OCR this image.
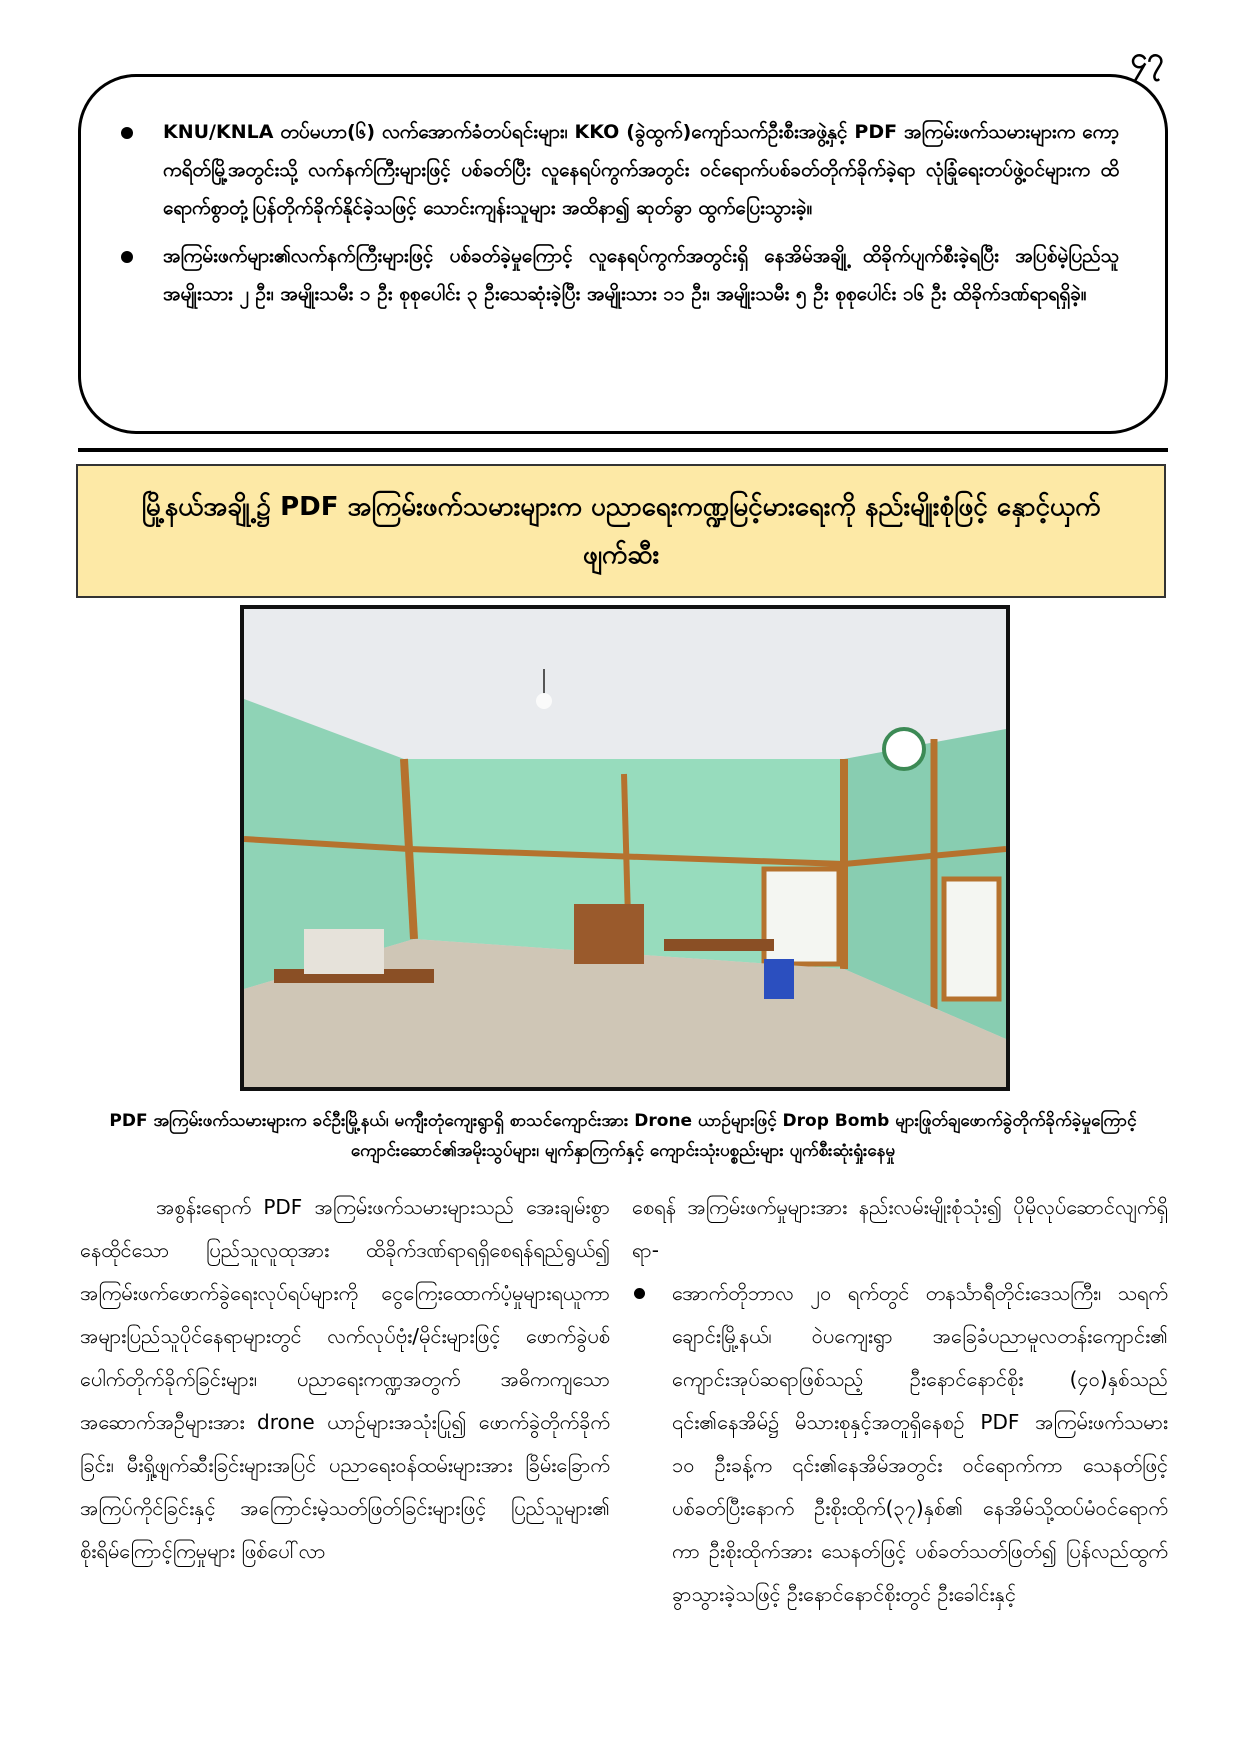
၄၇
KNU/KNLA တပ်မဟာ(၆) လက်အောက်ခံတပ်ရင်းများ၊ KKO (ခွဲထွက်)ကျော်သက်ဦးစီးအဖွဲ့နှင့် PDF အကြမ်းဖက်သမားများက ကော့ကရိတ်မြို့အတွင်းသို့ လက်နက်ကြီးများဖြင့် ပစ်ခတ်ပြီး လူနေရပ်ကွက်အတွင်း ဝင်ရောက်ပစ်ခတ်တိုက်ခိုက်ခဲ့ရာ လုံခြုံရေးတပ်ဖွဲ့ဝင်များက ထိရောက်စွာတုံ့ပြန်တိုက်ခိုက်နိုင်ခဲ့သဖြင့် သောင်းကျန်းသူများ အထိနာ၍ ဆုတ်ခွာ ထွက်ပြေးသွားခဲ့။
အကြမ်းဖက်များ၏လက်နက်ကြီးများဖြင့် ပစ်ခတ်ခဲ့မှုကြောင့် လူနေရပ်ကွက်အတွင်းရှိ နေအိမ်အချို့ ထိခိုက်ပျက်စီးခဲ့ရပြီး အပြစ်မဲ့ပြည်သူအမျိုးသား ၂ ဦး၊ အမျိုးသမီး ၁ ဦး စုစုပေါင်း ၃ ဦးသေဆုံးခဲ့ပြီး အမျိုးသား ၁၁ ဦး၊ အမျိုးသမီး ၅ ဦး စုစုပေါင်း ၁၆ ဦး ထိခိုက်ဒဏ်ရာရရှိခဲ့။
မြို့နယ်အချို့၌ PDF အကြမ်းဖက်သမားများက ပညာရေးကဏ္ဍမြင့်မားရေးကို နည်းမျိုးစုံဖြင့် နှောင့်ယှက်ဖျက်ဆီး
PDF အကြမ်းဖက်သမားများက ခင်ဦးမြို့နယ်၊ မကျီးတုံကျေးရွာရှိ စာသင်ကျောင်းအား Drone ယာဉ်များဖြင့် Drop Bomb များဖြုတ်ချဖောက်ခွဲတိုက်ခိုက်ခဲ့မှုကြောင့် ကျောင်းဆောင်၏အမိုးသွပ်များ၊ မျက်နှာကြက်နှင့် ကျောင်းသုံးပစ္စည်းများ ပျက်စီးဆုံးရှုံးနေမှု

အစွန်းရောက် PDF အကြမ်းဖက်သမားများသည် အေးချမ်းစွာနေထိုင်သော ပြည်သူလူထုအား ထိခိုက်ဒဏ်ရာရရှိစေရန်ရည်ရွယ်၍ အကြမ်းဖက်ဖောက်ခွဲရေးလုပ်ရပ်များကို ငွေကြေးထောက်ပံ့မှုများရယူကာ အများပြည်သူပိုင်နေရာများတွင် လက်လုပ်ဗုံး/မိုင်းများဖြင့် ဖောက်ခွဲပစ်ပေါက်တိုက်ခိုက်ခြင်းများ၊ ပညာရေးကဏ္ဍအတွက် အဓိကကျသော အဆောက်အဦများအား drone ယာဉ်များအသုံးပြု၍ ဖောက်ခွဲတိုက်ခိုက်ခြင်း၊ မီးရှို့ဖျက်ဆီးခြင်းများအပြင် ပညာရေးဝန်ထမ်းများအား ခြိမ်းခြောက်အကြပ်ကိုင်ခြင်းနှင့် အကြောင်းမဲ့သတ်ဖြတ်ခြင်းများဖြင့် ပြည်သူများ၏ စိုးရိမ်ကြောင့်ကြမှုများ ဖြစ်ပေါ်လာ

စေရန် အကြမ်းဖက်မှုများအား နည်းလမ်းမျိုးစုံသုံး၍ ပိုမိုလုပ်ဆောင်လျက်ရှိရာ-

အောက်တိုဘာလ ၂၀ ရက်တွင် တနင်္သာရီတိုင်းဒေသကြီး၊ သရက်ချောင်းမြို့နယ်၊ ဝဲပကျေးရွာ အခြေခံပညာမူလတန်းကျောင်း၏ ကျောင်းအုပ်ဆရာဖြစ်သည့် ဦးနောင်နောင်စိုး (၄၀)နှစ်သည် ၎င်း၏နေအိမ်၌ မိသားစုနှင့်အတူရှိနေစဉ် PDF အကြမ်းဖက်သမား ၁၀ ဦးခန့်က ၎င်း၏နေအိမ်အတွင်း ဝင်ရောက်ကာ သေနတ်ဖြင့် ပစ်ခတ်ပြီးနောက် ဦးစိုးထိုက်(၃၇)နှစ်၏ နေအိမ်သို့ထပ်မံဝင်ရောက်ကာ ဦးစိုးထိုက်အား သေနတ်ဖြင့် ပစ်ခတ်သတ်ဖြတ်၍ ပြန်လည်ထွက်ခွာသွားခဲ့သဖြင့် ဦးနောင်နောင်စိုးတွင် ဦးခေါင်းနှင့်
